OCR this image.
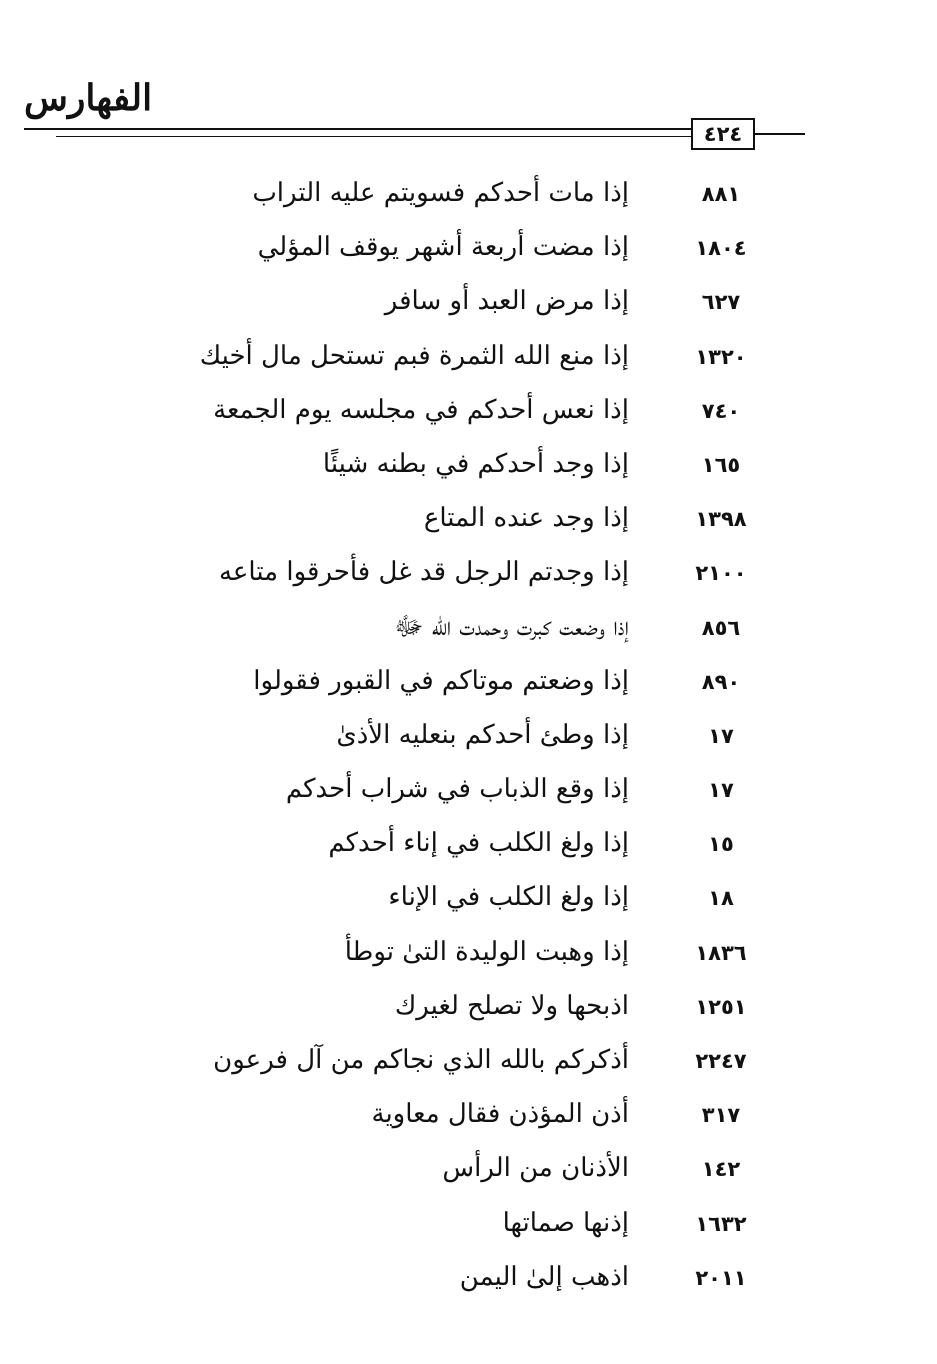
الفهارس
٤٢٤
٨٨١
إذا مات أحدكم فسويتم عليه التراب
١٨٠٤
إذا مضت أربعة أشهر يوقف المؤلي
٦٢٧
إذا مرض العبد أو سافر
١٣٢٠
إذا منع الله الثمرة فبم تستحل مال أخيك
٧٤٠
إذا نعس أحدكم في مجلسه يوم الجمعة
١٦٥
إذا وجد أحدكم في بطنه شيئًا
١٣٩٨
إذا وجد عنده المتاع
٢١٠٠
إذا وجدتم الرجل قد غل فأحرقوا متاعه
٨٥٦
إذا وضعت كبرت وحمدت الله ﷻ
٨٩٠
إذا وضعتم موتاكم في القبور فقولوا
١٧
إذا وطئ أحدكم بنعليه الأذىٰ
١٧
إذا وقع الذباب في شراب أحدكم
١٥
إذا ولغ الكلب في إناء أحدكم
١٨
إذا ولغ الكلب في الإناء
١٨٣٦
إذا وهبت الوليدة التىٰ توطأ
١٢٥١
اذبحها ولا تصلح لغيرك
٢٢٤٧
أذكركم بالله الذي نجاكم من آل فرعون
٣١٧
أذن المؤذن فقال معاوية
١٤٢
الأذنان من الرأس
١٦٣٢
إذنها صماتها
٢٠١١
اذهب إلىٰ اليمن
